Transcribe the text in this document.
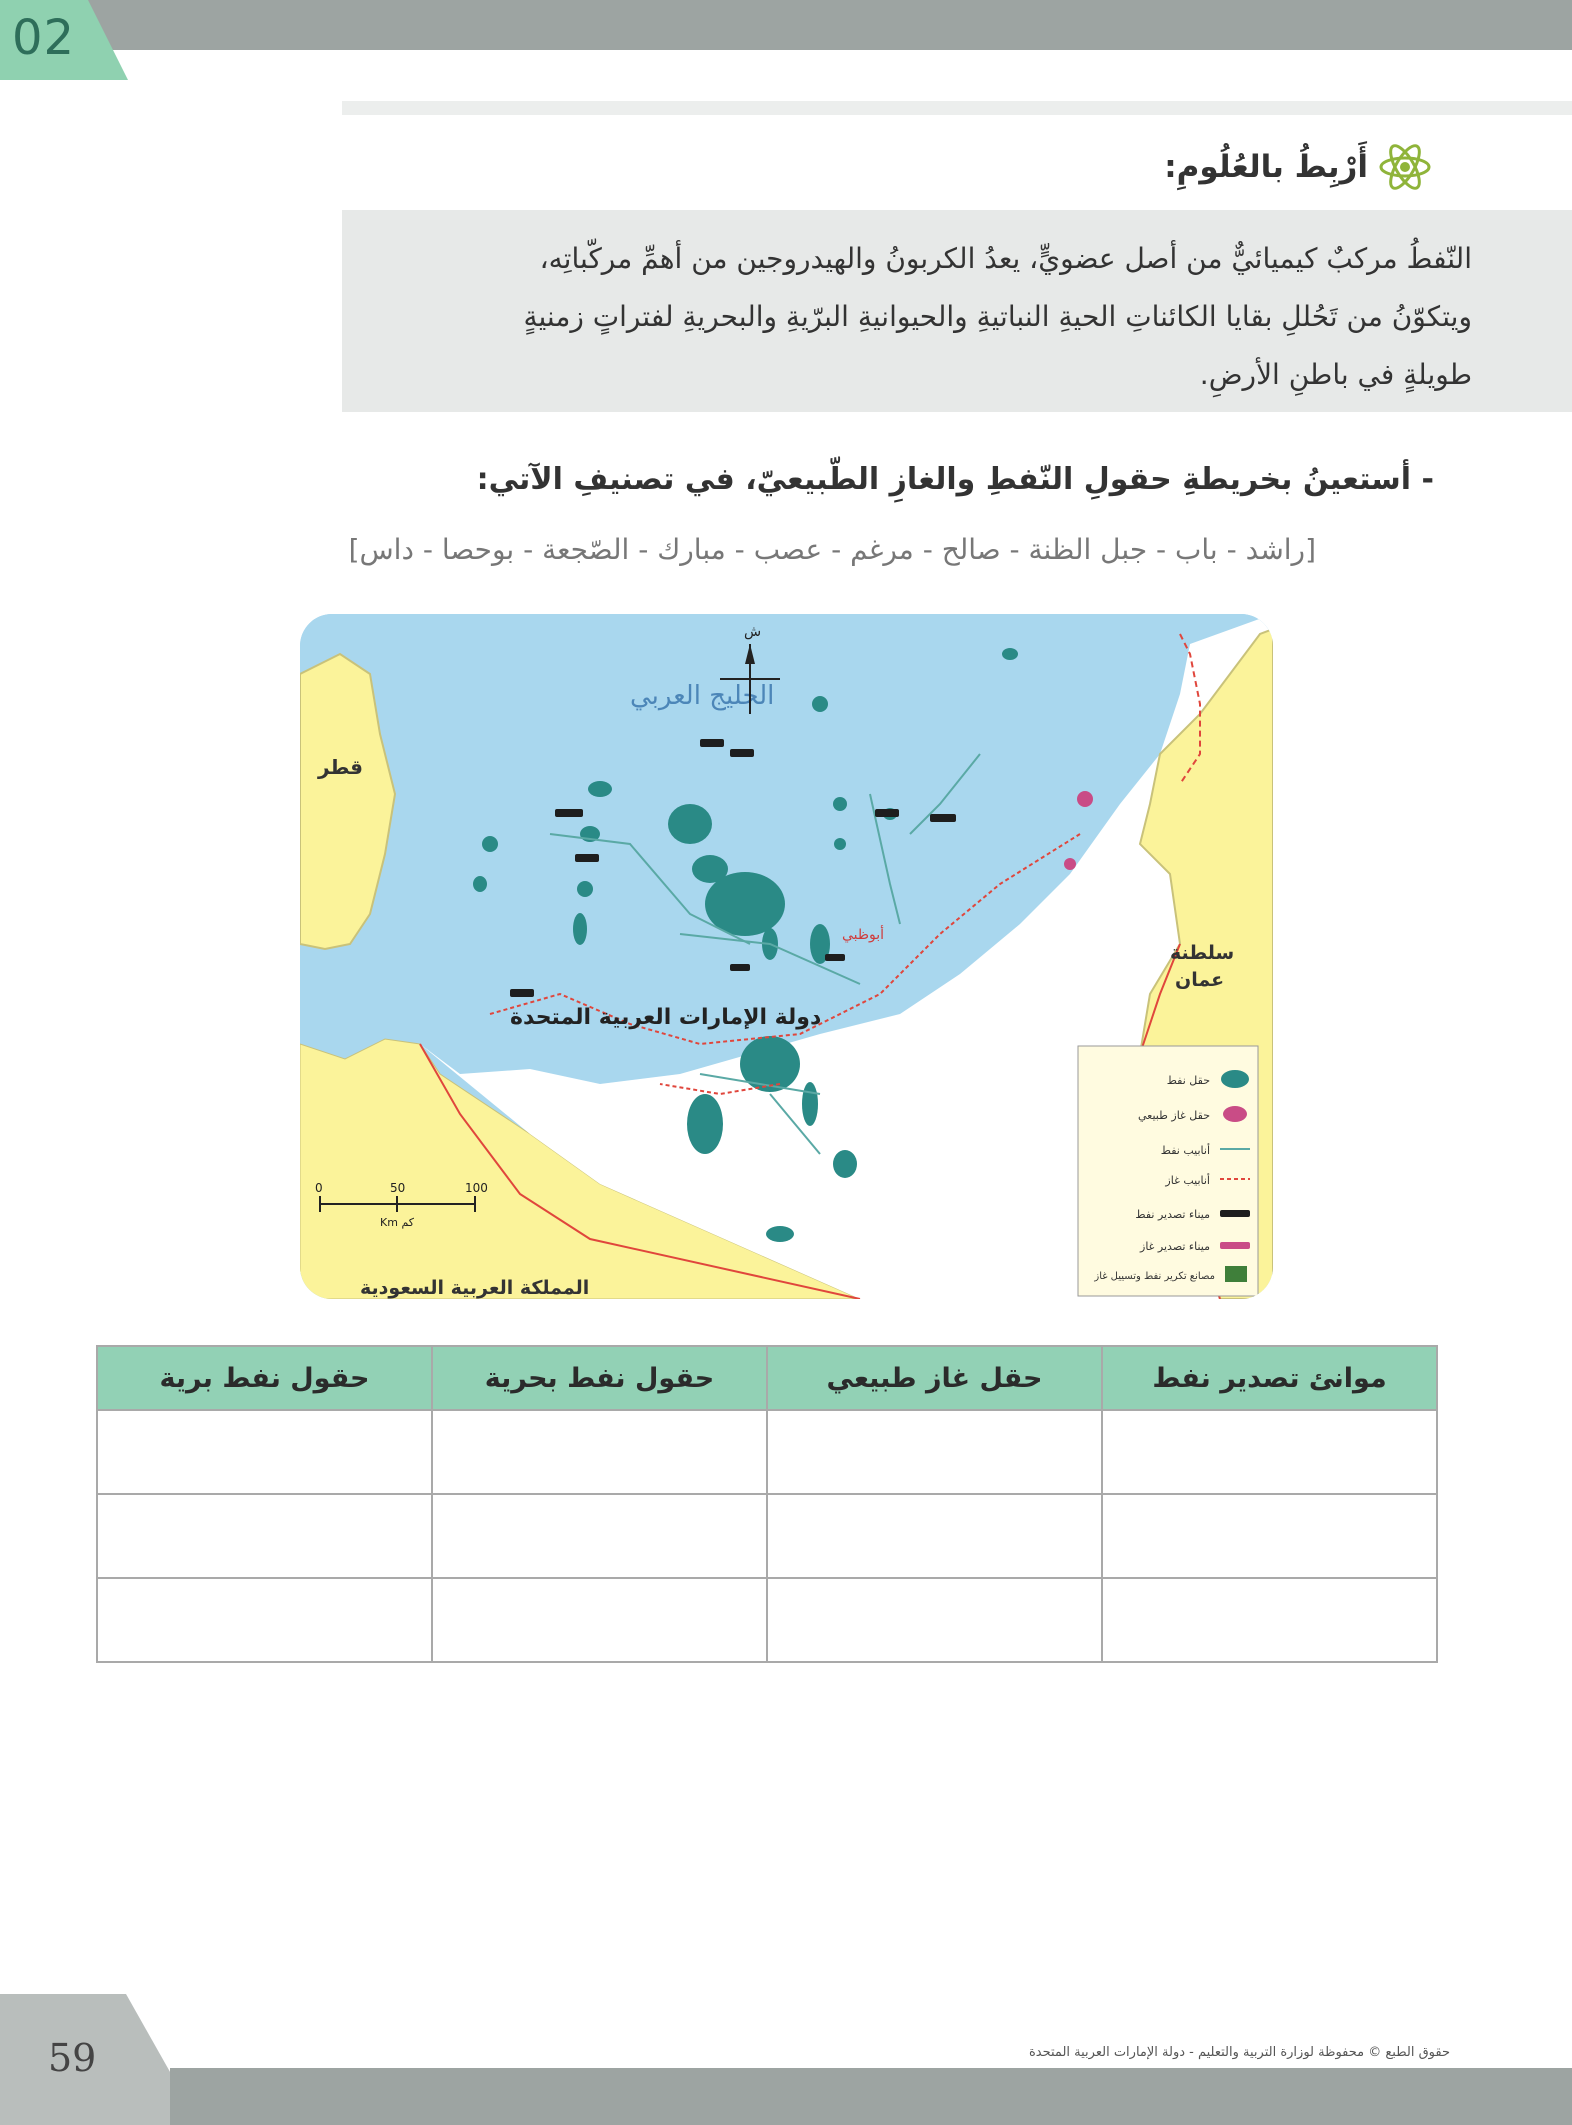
02
أَرْبِطُ بالعُلُومِ:
النّفطُ مركبٌ كيميائيٌّ من أصل عضويٍّ، يعدُ الكربونُ والهيدروجين من أهمِّ مركّباتِه،
ويتكوّنُ من تَحُللِ بقايا الكائناتِ الحيةِ النباتيةِ والحيوانيةِ البرّيةِ والبحريةِ لفتراتٍ زمنيةٍ
طويلةٍ في باطنِ الأرضِ.
- أستعينُ بخريطةِ حقولِ النّفطِ والغازِ الطّبيعيّ، في تصنيفِ الآتي:
[راشد - باب - جبل الظنة - صالح - مرغم - عصب - مبارك - الصّجعة - بوحصا - داس]
الخليج العربي
قطر
سلطنة
عمان
دولة الإمارات العربية المتحدة
المملكة العربية السعودية
أبوظبي
ش
0	50	100
Km كم
حقل نفط
حقل غاز طبيعي
أنابيب نفط
أنابيب غاز
ميناء تصدير نفط
ميناء تصدير غاز
مصانع تكرير نفط وتسييل غاز
موانئ تصدير نفط	حقل غاز طبيعي	حقول نفط بحرية	حقول نفط برية

59	حقوق الطبع © محفوظة لوزارة التربية والتعليم - دولة الإمارات العربية المتحدة
